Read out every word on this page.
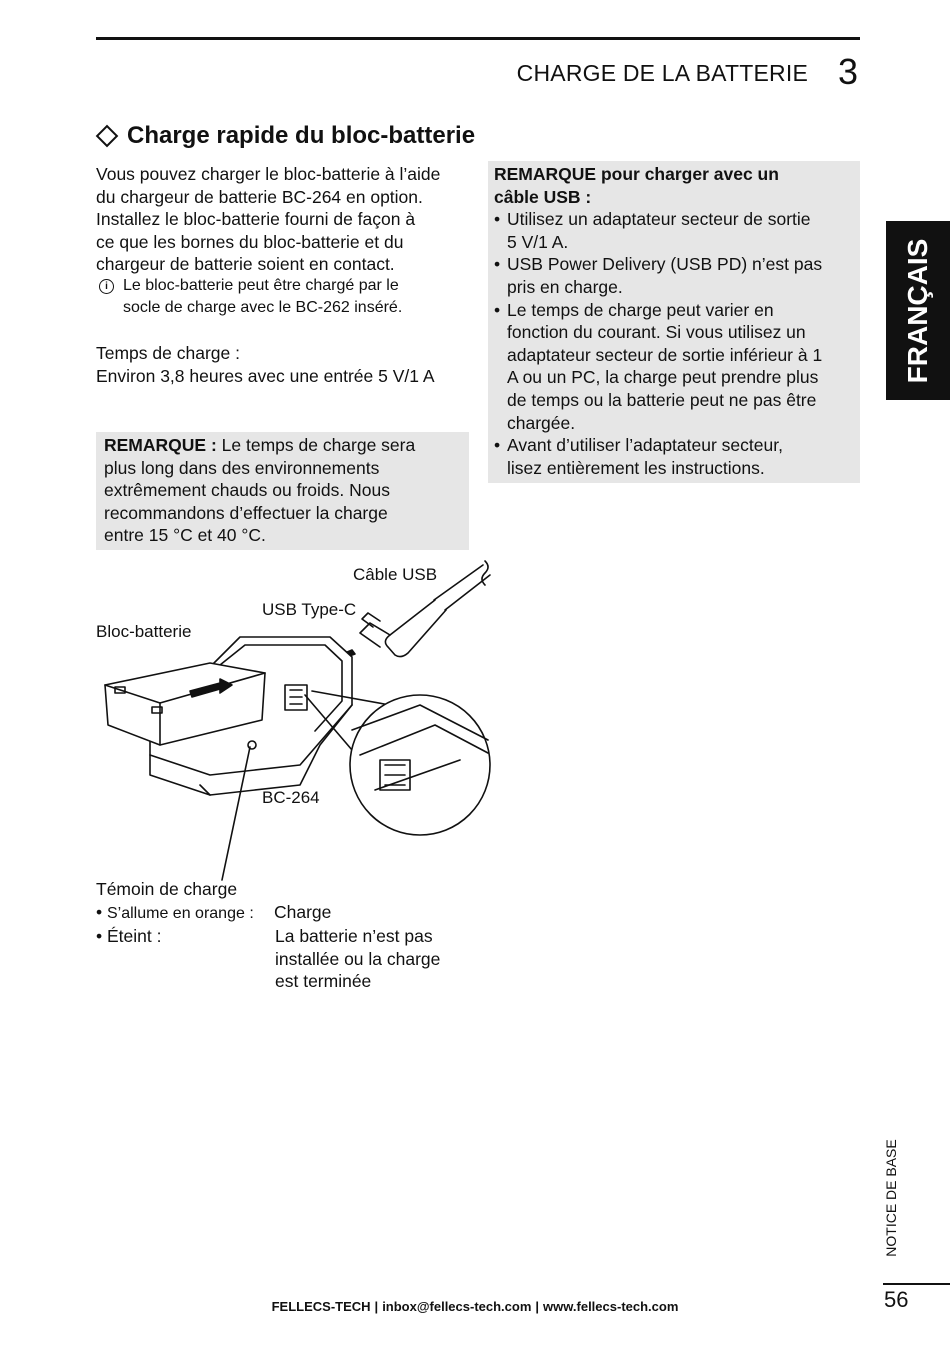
CHARGE DE LA BATTERIE 3
Charge rapide du bloc-batterie
Vous pouvez charger le bloc-batterie à l’aide
du chargeur de batterie BC-264 en option.
Installez le bloc-batterie fourni de façon à
ce que les bornes du bloc-batterie et du
chargeur de batterie soient en contact.
i Le bloc-batterie peut être chargé par le
socle de charge avec le BC-262 inséré.
Temps de charge :
Environ 3,8 heures avec une entrée 5 V/1 A
REMARQUE : Le temps de charge sera
plus long dans des environnements
extrêmement chauds ou froids. Nous
recommandons d’effectuer la charge
entre 15 °C et 40 °C.
REMARQUE pour charger avec un
câble USB :
• Utilisez un adaptateur secteur de sortie
5 V/1 A.
• USB Power Delivery (USB PD) n’est pas
pris en charge.
• Le temps de charge peut varier en
fonction du courant. Si vous utilisez un
adaptateur secteur de sortie inférieur à 1
A ou un PC, la charge peut prendre plus
de temps ou la batterie peut ne pas être
chargée.
• Avant d’utiliser l’adaptateur secteur,
lisez entièrement les instructions.
Câble USB
USB Type-C
Bloc-batterie
BC-264
Témoin de charge
• S’allume en orange :	Charge
• Éteint :	La batterie n’est pas
installée ou la charge
est terminée
FRANÇAIS
NOTICE DE BASE
56
FELLECS-TECH | inbox@fellecs-tech.com | www.fellecs-tech.com
